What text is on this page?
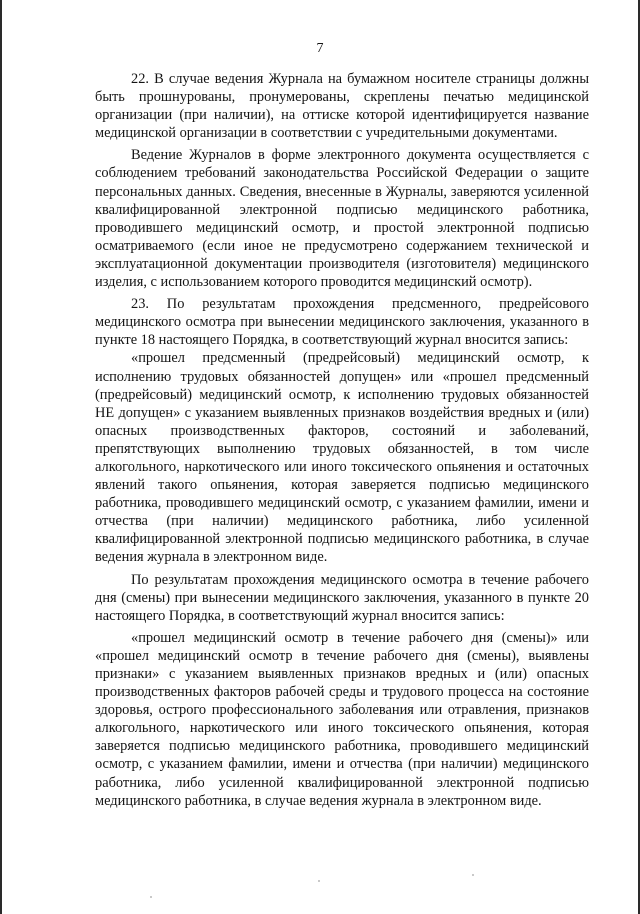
7

22. В случае ведения Журнала на бумажном носителе страницы должны быть прошнурованы, пронумерованы, скреплены печатью медицинской организации (при наличии), на оттиске которой идентифицируется название медицинской организации в соответствии с учредительными документами.

Ведение Журналов в форме электронного документа осуществляется с соблюдением требований законодательства Российской Федерации о защите персональных данных. Сведения, внесенные в Журналы, заверяются усиленной квалифицированной электронной подписью медицинского работника, проводившего медицинский осмотр, и простой электронной подписью осматриваемого (если иное не предусмотрено содержанием технической и эксплуатационной документации производителя (изготовителя) медицинского изделия, с использованием которого проводится медицинский осмотр).

23. По результатам прохождения предсменного, предрейсового медицинского осмотра при вынесении медицинского заключения, указанного в пункте 18 настоящего Порядка, в соответствующий журнал вносится запись:

«прошел предсменный (предрейсовый) медицинский осмотр, к исполнению трудовых обязанностей допущен» или «прошел предсменный (предрейсовый) медицинский осмотр, к исполнению трудовых обязанностей НЕ допущен» с указанием выявленных признаков воздействия вредных и (или) опасных производственных факторов, состояний и заболеваний, препятствующих выполнению трудовых обязанностей, в том числе алкогольного, наркотического или иного токсического опьянения и остаточных явлений такого опьянения, которая заверяется подписью медицинского работника, проводившего медицинский осмотр, с указанием фамилии, имени и отчества (при наличии) медицинского работника, либо усиленной квалифицированной электронной подписью медицинского работника, в случае ведения журнала в электронном виде.

По результатам прохождения медицинского осмотра в течение рабочего дня (смены) при вынесении медицинского заключения, указанного в пункте 20 настоящего Порядка, в соответствующий журнал вносится запись:

«прошел медицинский осмотр в течение рабочего дня (смены)» или «прошел медицинский осмотр в течение рабочего дня (смены), выявлены признаки» с указанием выявленных признаков вредных и (или) опасных производственных факторов рабочей среды и трудового процесса на состояние здоровья, острого профессионального заболевания или отравления, признаков алкогольного, наркотического или иного токсического опьянения, которая заверяется подписью медицинского работника, проводившего медицинский осмотр, с указанием фамилии, имени и отчества (при наличии) медицинского работника, либо усиленной квалифицированной электронной подписью медицинского работника, в случае ведения журнала в электронном виде.
